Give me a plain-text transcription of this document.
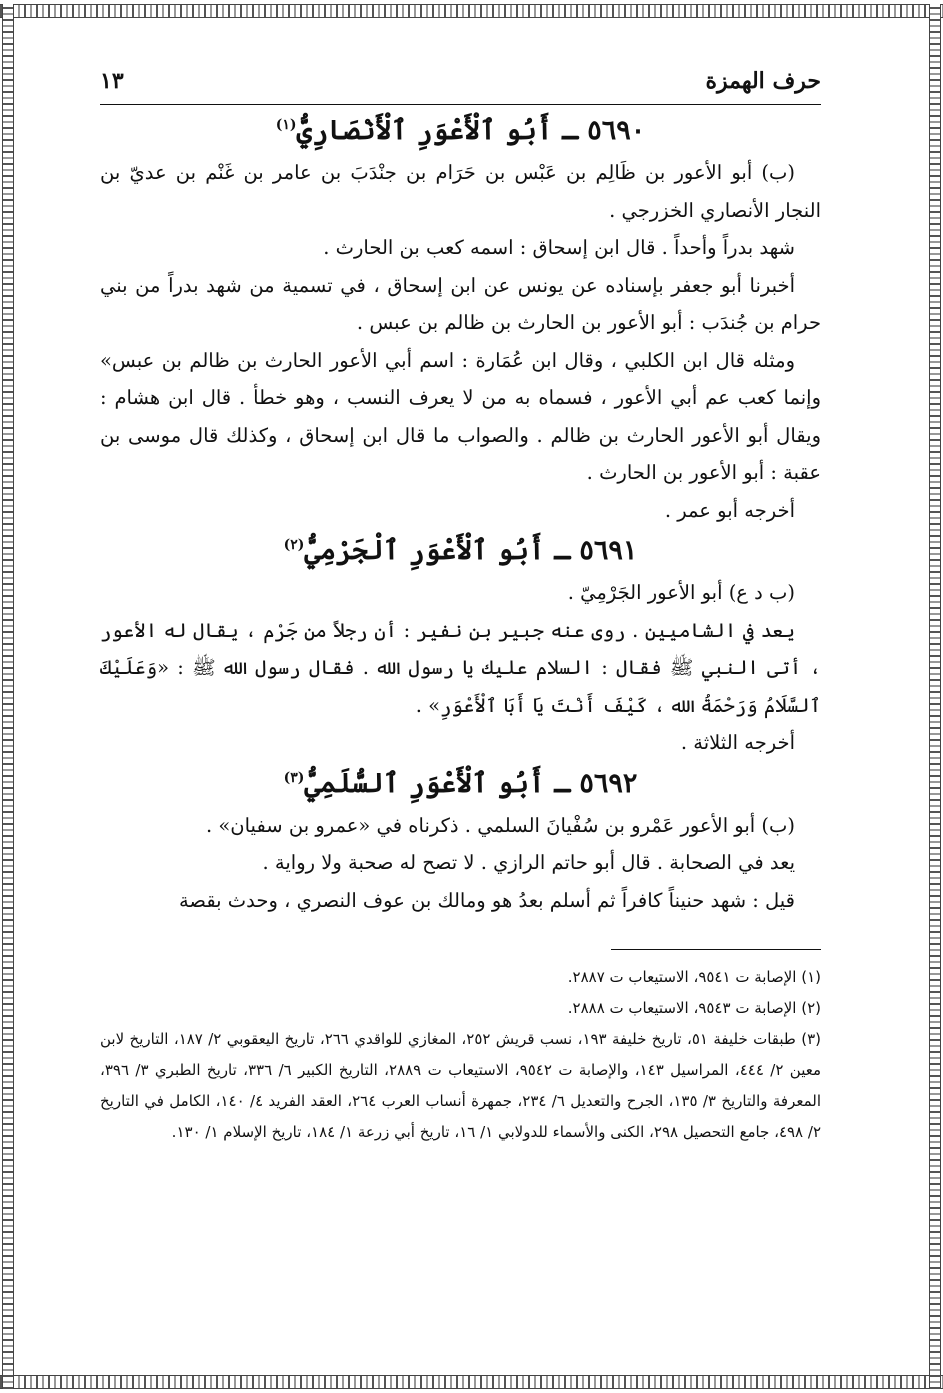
حرف الهمزة
١٣
٥٦٩٠ ـ أَبُو ٱلْأَعْوَرِ ٱلْأَنْصَارِيُّ$^{(١)}$

(ب) أبو الأعور بن ظَالِم بن عَبْس بن حَرَام بن جنْدَبَ بن عامر بن غَنْم بن عديّ بن النجار الأنصاري الخزرجي .

شهد بدراً وأحداً . قال ابن إسحاق : اسمه كعب بن الحارث .

أخبرنا أبو جعفر بإسناده عن يونس عن ابن إسحاق ، في تسمية من شهد بدراً من بني حرام بن جُندَب : أبو الأعور بن الحارث بن ظالم بن عبس .

ومثله قال ابن الكلبي ، وقال ابن عُمَارة : اسم أبي الأعور الحارث بن ظالم بن عبس» وإنما كعب عم أبي الأعور ، فسماه به من لا يعرف النسب ، وهو خطأ . قال ابن هشام : ويقال أبو الأعور الحارث بن ظالم . والصواب ما قال ابن إسحاق ، وكذلك قال موسى بن عقبة : أبو الأعور بن الحارث .

أخرجه أبو عمر .

٥٦٩١ ـ أَبُو ٱلْأَعْوَرِ ٱلْجَرْمِيُّ$^{(٢)}$

(ب د ع) أبو الأعور الجَرْمِيّ .

يعد في الشاميين . روى عنه جبير بن نفير : أن رجلاً من جَرْم ، يقال له الأعور ، أتى النبي ﷺ فقال : السلام عليك يا رسول الله . فقال رسول الله ﷺ : «وَعَلَيْكَ ٱلسَّلَامُ وَرَحْمَةُ الله ، كَيْفَ أَنْتَ يَا أَبَا ٱلْأَعْوَرِ» .

أخرجه الثلاثة .

٥٦٩٢ ـ أَبُو ٱلْأَعْوَرِ ٱلسُّلَمِيُّ$^{(٣)}$

(ب) أبو الأعور عَمْرو بن سُفْيانَ السلمي . ذكرناه في «عمرو بن سفيان» .

يعد في الصحابة . قال أبو حاتم الرازي . لا تصح له صحبة ولا رواية .

قيل : شهد حنيناً كافراً ثم أسلم بعدُ هو ومالك بن عوف النصري ، وحدث بقصة

(١) الإصابة ت ٩٥٤١، الاستيعاب ت ٢٨٨٧.

(٢) الإصابة ت ٩٥٤٣، الاستيعاب ت ٢٨٨٨.

(٣) طبقات خليفة ٥١، تاريخ خليفة ١٩٣، نسب قريش ٢٥٢، المغازي للواقدي ٢٦٦، تاريخ اليعقوبي ٢/ ١٨٧، التاريخ لابن معين ٢/ ٤٤٤، المراسيل ١٤٣، والإصابة ت ٩٥٤٢، الاستيعاب ت ٢٨٨٩، التاريخ الكبير ٦/ ٣٣٦، تاريخ الطبري ٣/ ٣٩٦، المعرفة والتاريخ ٣/ ١٣٥، الجرح والتعديل ٦/ ٢٣٤، جمهرة أنساب العرب ٢٦٤، العقد الفريد ٤/ ١٤٠، الكامل في التاريخ ٢/ ٤٩٨، جامع التحصيل ٢٩٨، الكنى والأسماء للدولابي ١/ ١٦، تاريخ أبي زرعة ١/ ١٨٤، تاريخ الإسلام ١/ ١٣٠.
